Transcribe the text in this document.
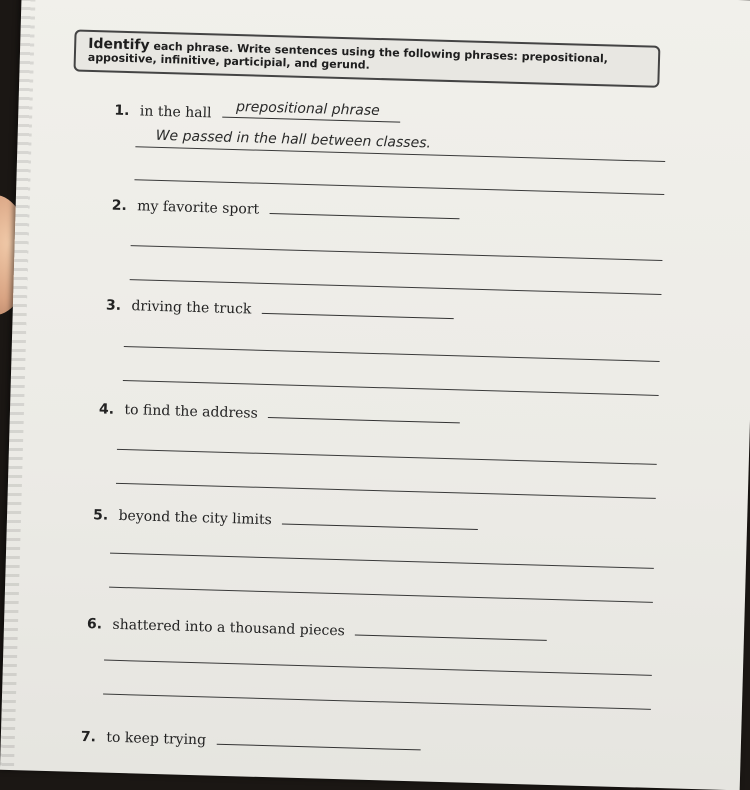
Identify each phrase. Write sentences using the following phrases: prepositional, appositive, infinitive, participial, and gerund.
1. in the hall prepositional phrase
We passed in the hall between classes.
2. my favorite sport
3. driving the truck
4. to find the address
5. beyond the city limits
6. shattered into a thousand pieces
7. to keep trying
